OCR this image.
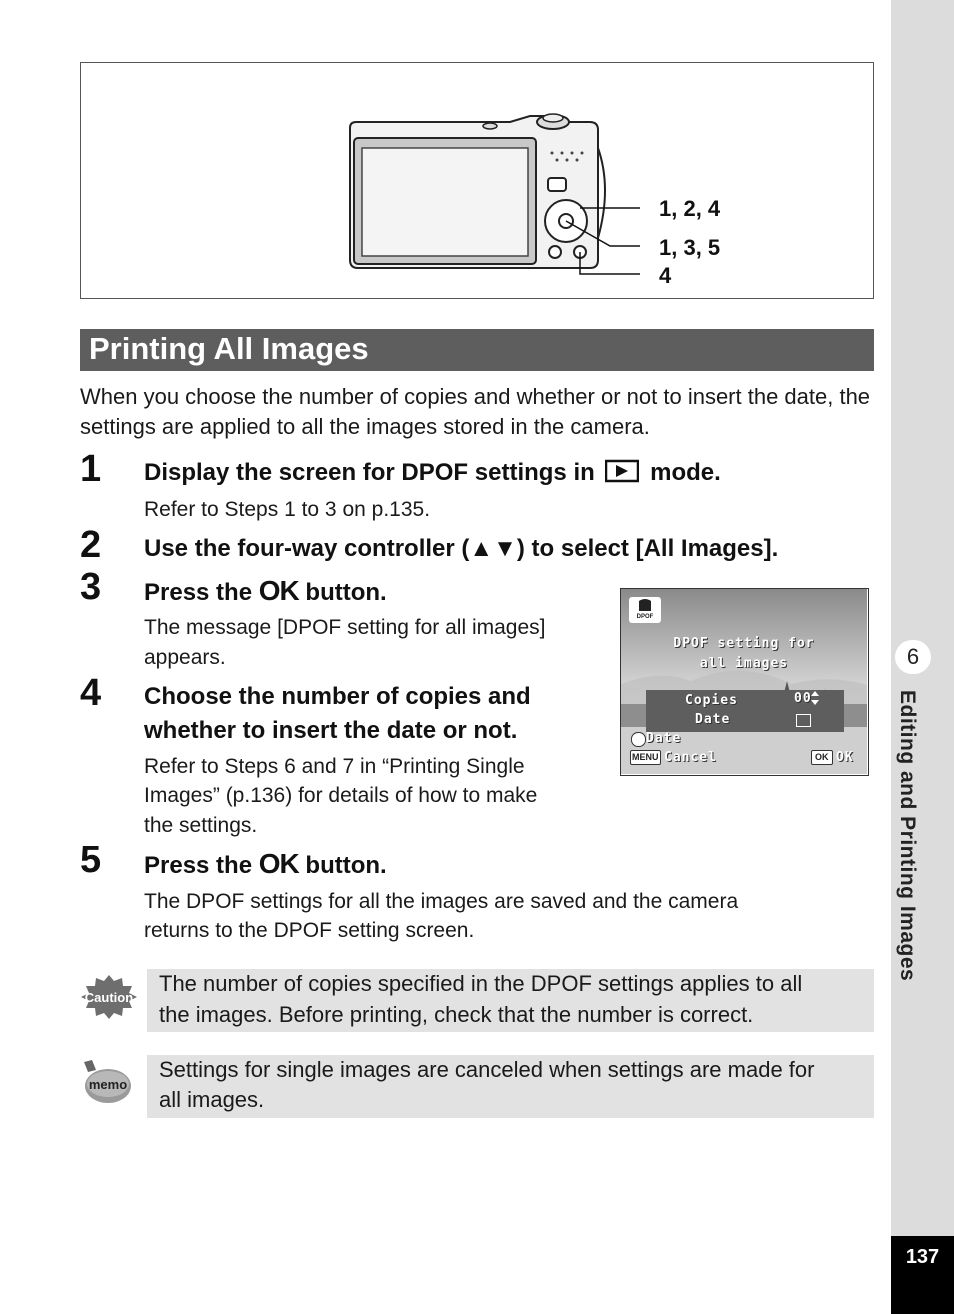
6
Editing and Printing Images
137
1, 2, 4
1, 3, 5
4
Printing All Images
When you choose the number of copies and whether or not to insert the date, the settings are applied to all the images stored in the camera.
1 Display the screen for DPOF settings in mode.
Refer to Steps 1 to 3 on p.135.
2 Use the four-way controller (▲▼) to select [All Images].
3 Press the OK button.
The message [DPOF setting for all images]
appears.
4 Choose the number of copies and
whether to insert the date or not.
Refer to Steps 6 and 7 in “Printing Single
Images” (p.136) for details of how to make
the settings.
5 Press the OK button.
The DPOF settings for all the images are saved and the camera
returns to the DPOF setting screen.
DPOF
DPOF setting for
all images
Copies	00
Date
Date
MENU Cancel	OK OK
Caution
The number of copies specified in the DPOF settings applies to all
the images. Before printing, check that the number is correct.
memo
Settings for single images are canceled when settings are made for
all images.
